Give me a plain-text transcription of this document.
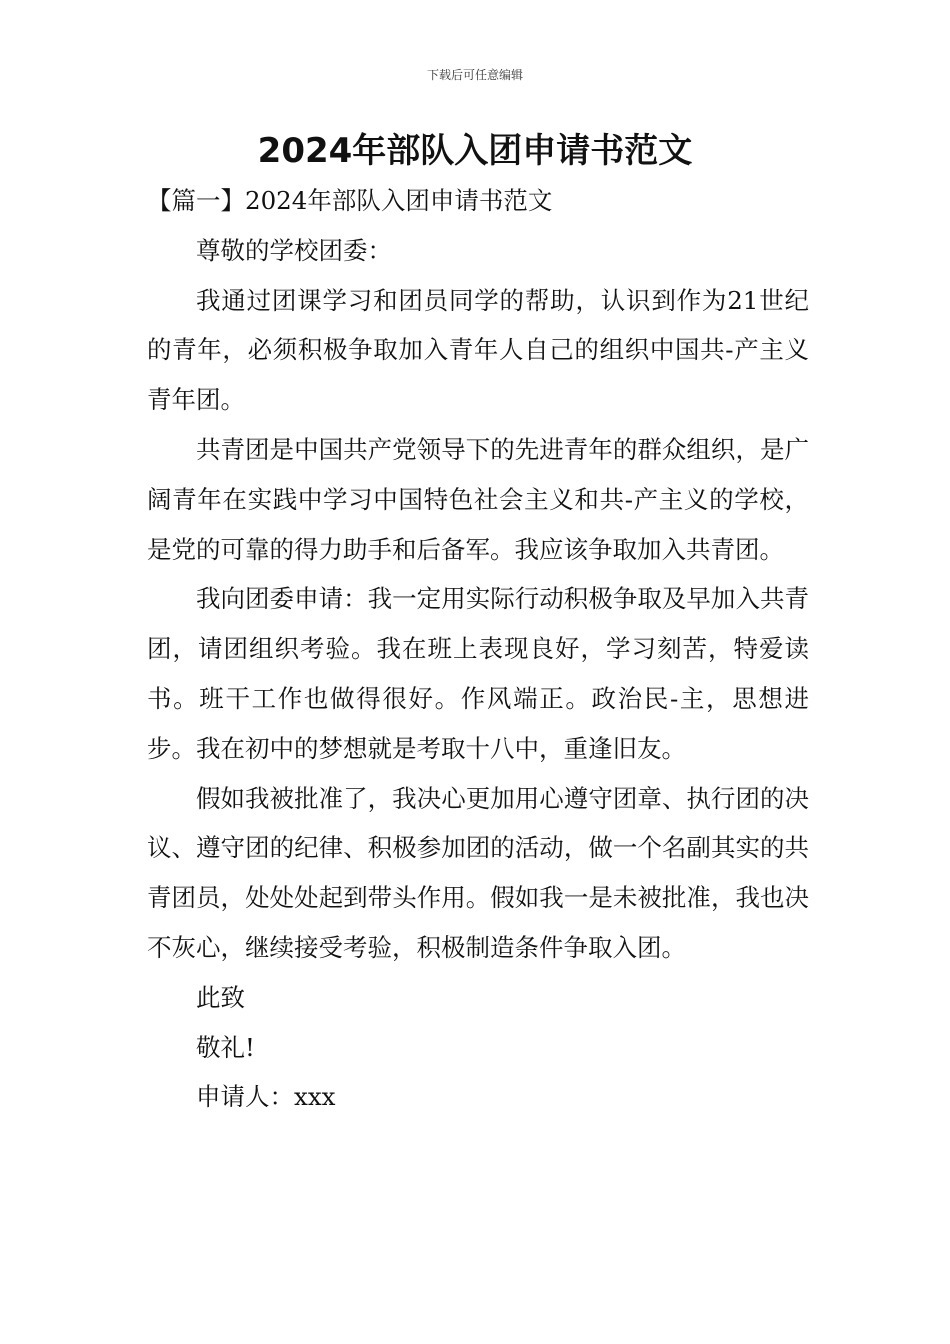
下载后可任意编辑
2024年部队入团申请书范文

【篇一】2024年部队入团申请书范文

尊敬的学校团委：

我通过团课学习和团员同学的帮助，认识到作为21世纪的青年，必须积极争取加入青年人自己的组织中国共-产主义青年团。

共青团是中国共产党领导下的先进青年的群众组织，是广阔青年在实践中学习中国特色社会主义和共-产主义的学校，是党的可靠的得力助手和后备军。我应该争取加入共青团。

我向团委申请：我一定用实际行动积极争取及早加入共青团，请团组织考验。我在班上表现良好，学习刻苦，特爱读书。班干工作也做得很好。作风端正。政治民-主，思想进步。我在初中的梦想就是考取十八中，重逢旧友。

假如我被批准了，我决心更加用心遵守团章、执行团的决议、遵守团的纪律、积极参加团的活动，做一个名副其实的共青团员，处处处起到带头作用。假如我一是未被批准，我也决不灰心，继续接受考验，积极制造条件争取入团。

此致

敬礼!

申请人：xxx
